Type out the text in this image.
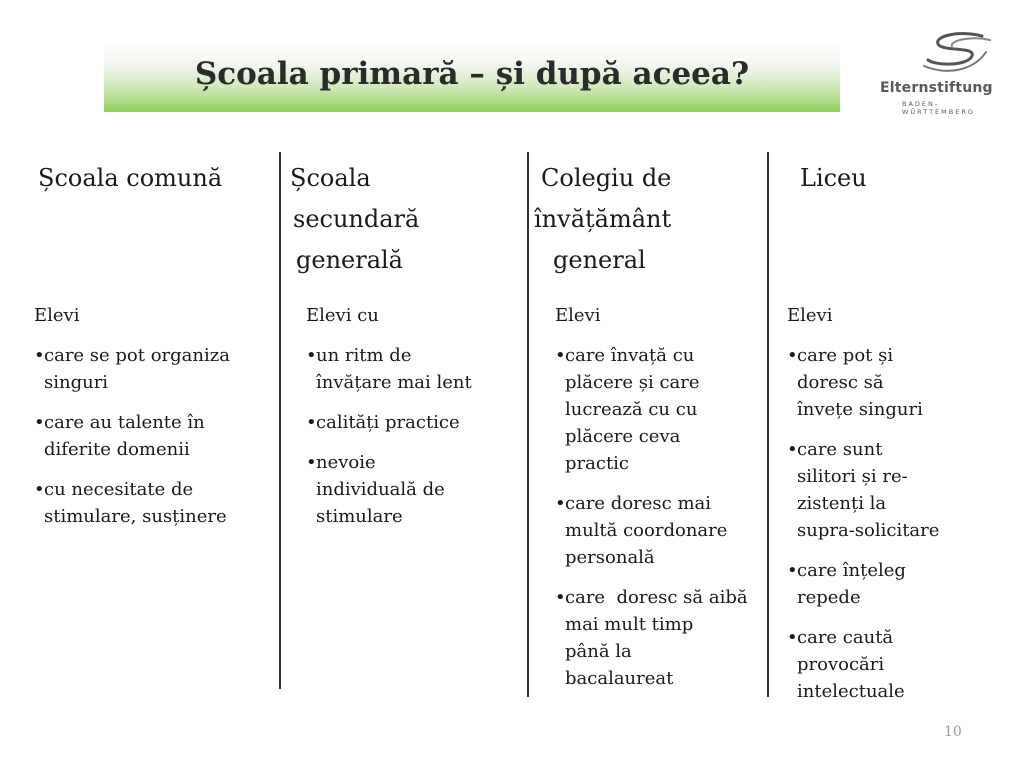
Școala primară – și după aceea?	Elternstiftung
BADEN-WÜRTTEMBERG
Școala comună
Elevi
• care se pot organiza
singuri
• care au talente în
diferite domenii
• cu necesitate de
stimulare, susținere
Școala
secundară
generală
Elevi cu
• un ritm de
învățare mai lent
• calități practice
• nevoie
individuală de
stimulare
Colegiu de
învățământ
general
Elevi
• care învață cu
plăcere și care
lucrează cu cu
plăcere ceva
practic
• care doresc mai
multă coordonare
personală
• care  doresc să aibă
mai mult timp
până la
bacalaureat
Liceu
Elevi
• care pot și
doresc să
învețe singuri
• care sunt
silitori și re-
zistenți la
supra-solicitare
• care înțeleg
repede
• care caută
provocări
intelectuale
10
